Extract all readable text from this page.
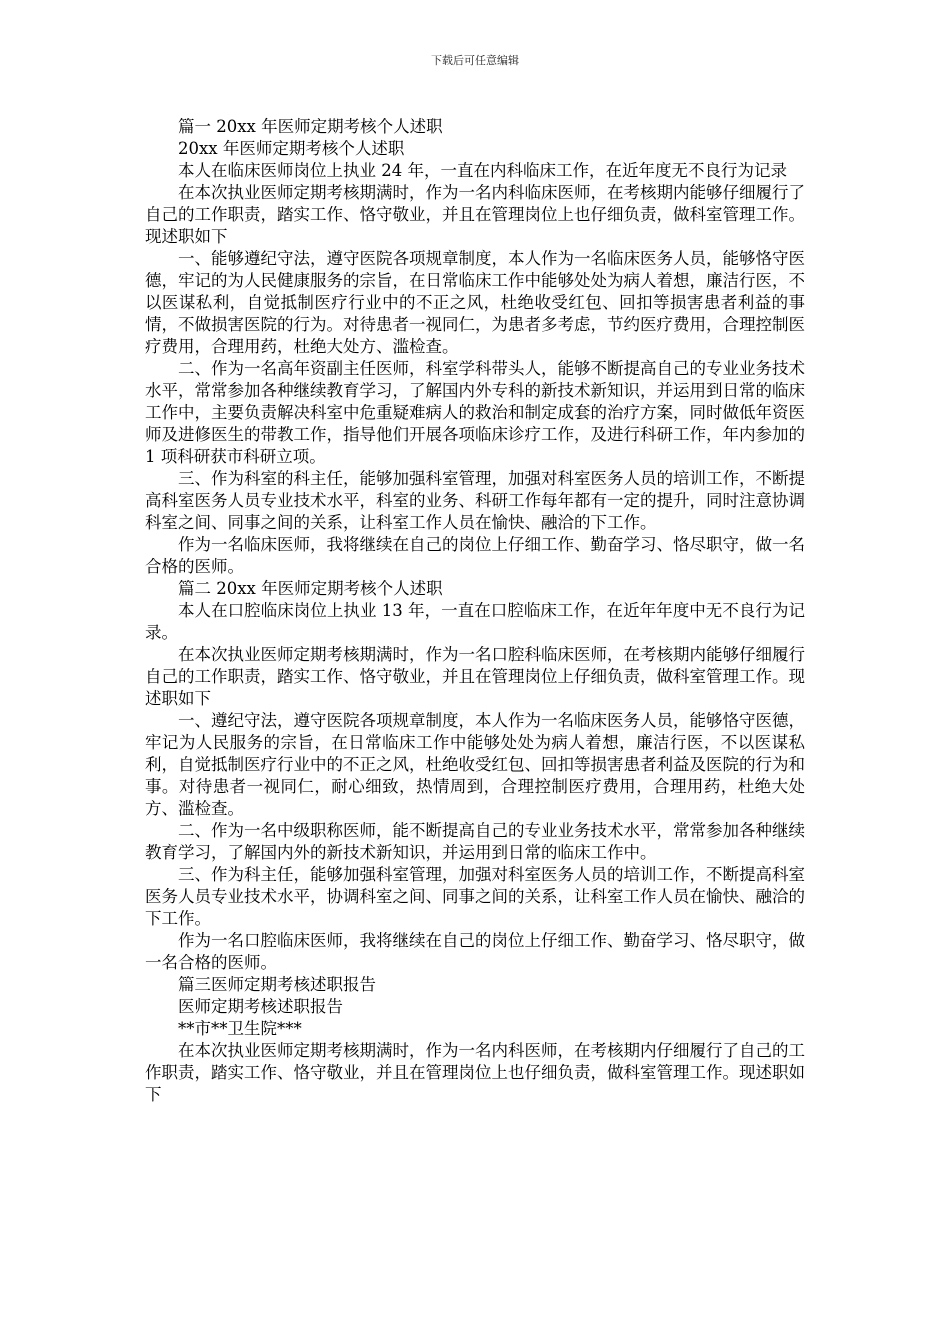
下载后可任意编辑

篇一 20xx 年医师定期考核个人述职

20xx 年医师定期考核个人述职

本人在临床医师岗位上执业 24 年，一直在内科临床工作，在近年度无不良行为记录

在本次执业医师定期考核期满时，作为一名内科临床医师，在考核期内能够仔细履行了自己的工作职责，踏实工作、恪守敬业，并且在管理岗位上也仔细负责，做科室管理工作。现述职如下

一、能够遵纪守法，遵守医院各项规章制度，本人作为一名临床医务人员，能够恪守医德，牢记的为人民健康服务的宗旨，在日常临床工作中能够处处为病人着想，廉洁行医，不以医谋私利，自觉抵制医疗行业中的不正之风，杜绝收受红包、回扣等损害患者利益的事情，不做损害医院的行为。对待患者一视同仁，为患者多考虑，节约医疗费用，合理控制医疗费用，合理用药，杜绝大处方、滥检查。

二、作为一名高年资副主任医师，科室学科带头人，能够不断提高自己的专业业务技术水平，常常参加各种继续教育学习，了解国内外专科的新技术新知识，并运用到日常的临床工作中，主要负责解决科室中危重疑难病人的救治和制定成套的治疗方案，同时做低年资医师及进修医生的带教工作，指导他们开展各项临床诊疗工作，及进行科研工作，年内参加的 1 项科研获市科研立项。

三、作为科室的科主任，能够加强科室管理，加强对科室医务人员的培训工作，不断提高科室医务人员专业技术水平，科室的业务、科研工作每年都有一定的提升，同时注意协调科室之间、同事之间的关系，让科室工作人员在愉快、融洽的下工作。

作为一名临床医师，我将继续在自己的岗位上仔细工作、勤奋学习、恪尽职守，做一名合格的医师。

篇二 20xx 年医师定期考核个人述职

本人在口腔临床岗位上执业 13 年，一直在口腔临床工作，在近年年度中无不良行为记录。

在本次执业医师定期考核期满时，作为一名口腔科临床医师，在考核期内能够仔细履行自己的工作职责，踏实工作、恪守敬业，并且在管理岗位上仔细负责，做科室管理工作。现述职如下

一、遵纪守法，遵守医院各项规章制度，本人作为一名临床医务人员，能够恪守医德，牢记为人民服务的宗旨，在日常临床工作中能够处处为病人着想，廉洁行医，不以医谋私利，自觉抵制医疗行业中的不正之风，杜绝收受红包、回扣等损害患者利益及医院的行为和事。对待患者一视同仁，耐心细致，热情周到，合理控制医疗费用，合理用药，杜绝大处方、滥检查。

二、作为一名中级职称医师，能不断提高自己的专业业务技术水平，常常参加各种继续教育学习，了解国内外的新技术新知识，并运用到日常的临床工作中。

三、作为科主任，能够加强科室管理，加强对科室医务人员的培训工作，不断提高科室医务人员专业技术水平，协调科室之间、同事之间的关系，让科室工作人员在愉快、融洽的下工作。

作为一名口腔临床医师，我将继续在自己的岗位上仔细工作、勤奋学习、恪尽职守，做一名合格的医师。

篇三医师定期考核述职报告

医师定期考核述职报告

**市**卫生院***

在本次执业医师定期考核期满时，作为一名内科医师，在考核期内仔细履行了自己的工作职责，踏实工作、恪守敬业，并且在管理岗位上也仔细负责，做科室管理工作。现述职如下
